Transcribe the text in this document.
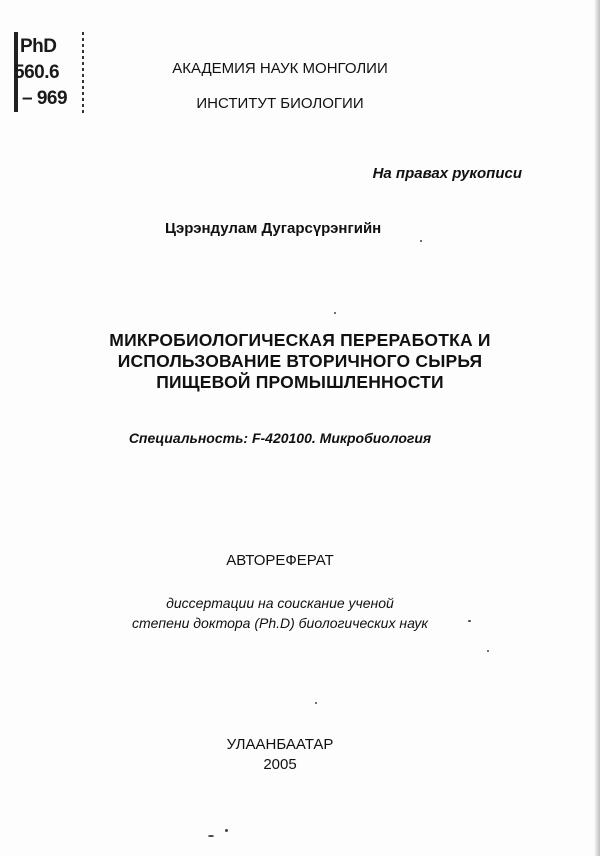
PhD
560.6
– 969
АКАДЕМИЯ НАУК МОНГОЛИИ
ИНСТИТУТ БИОЛОГИИ
На правах рукописи
Цэрэндулам Дугарсүрэнгийн
МИКРОБИОЛОГИЧЕСКАЯ ПЕРЕРАБОТКА И
ИСПОЛЬЗОВАНИЕ ВТОРИЧНОГО СЫРЬЯ
ПИЩЕВОЙ ПРОМЫШЛЕННОСТИ
Специальность: F-420100. Микробиология
АВТОРЕФЕРАТ
диссертации на соискание ученой
степени доктора (Ph.D) биологических наук
УЛААНБААТАР
2005
